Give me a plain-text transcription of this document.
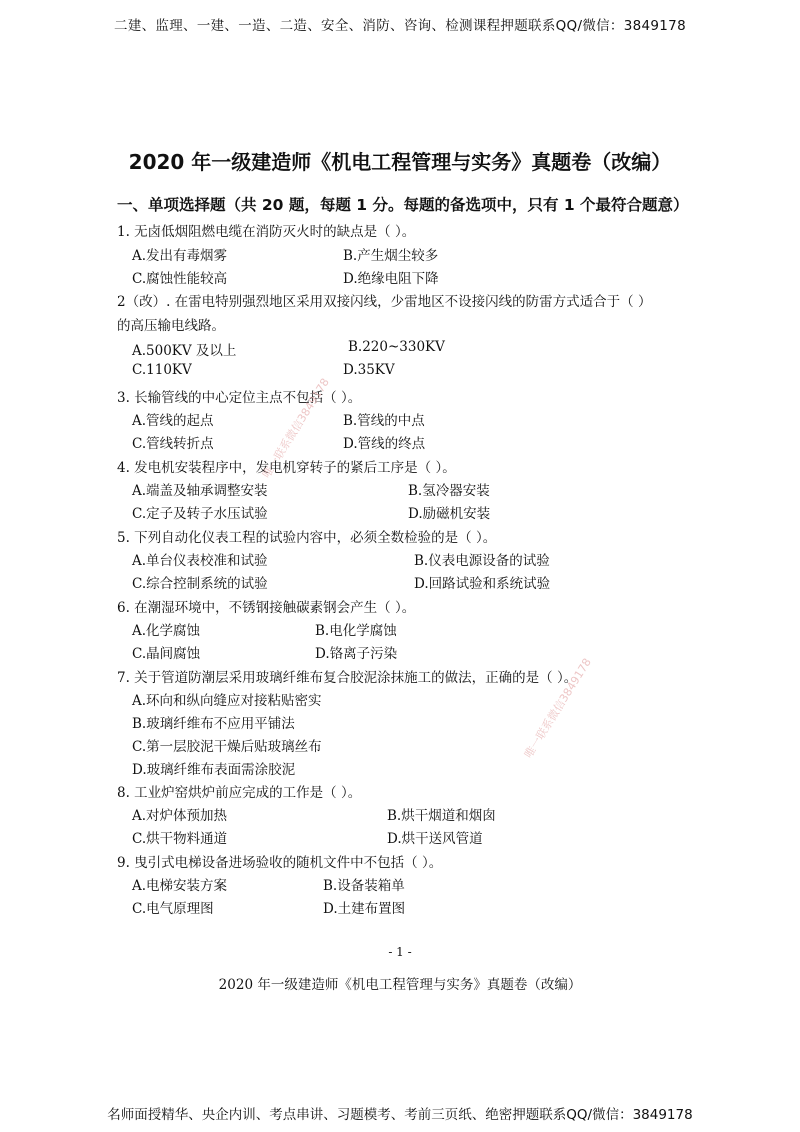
二建、监理、一建、一造、二造、安全、消防、咨询、检测课程押题联系QQ/微信：3849178
2020 年一级建造师《机电工程管理与实务》真题卷（改编）
一、单项选择题（共 20 题，每题 1 分。每题的备选项中，只有 1 个最符合题意）
1. 无卤低烟阻燃电缆在消防灭火时的缺点是（ ）。
A.发出有毒烟雾	B.产生烟尘较多
C.腐蚀性能较高	D.绝缘电阻下降
2（改）. 在雷电特别强烈地区采用双接闪线，少雷地区不设接闪线的防雷方式适合于（ ）
的高压输电线路。
A.500KV 及以上	B.220~330KV
C.110KV	D.35KV
3. 长输管线的中心定位主点不包括（ ）。
A.管线的起点	B.管线的中点
C.管线转折点	D.管线的终点
4. 发电机安装程序中，发电机穿转子的紧后工序是（ ）。
A.端盖及轴承调整安装	B.氢冷器安装
C.定子及转子水压试验	D.励磁机安装
5. 下列自动化仪表工程的试验内容中，必须全数检验的是（ ）。
A.单台仪表校准和试验	B.仪表电源设备的试验
C.综合控制系统的试验	D.回路试验和系统试验
6. 在潮湿环境中，不锈钢接触碳素钢会产生（ ）。
A.化学腐蚀	B.电化学腐蚀
C.晶间腐蚀	D.铬离子污染
7. 关于管道防潮层采用玻璃纤维布复合胶泥涂抹施工的做法，正确的是（ ）。
A.环向和纵向缝应对接粘贴密实
B.玻璃纤维布不应用平铺法
C.第一层胶泥干燥后贴玻璃丝布
D.玻璃纤维布表面需涂胶泥
8. 工业炉窑烘炉前应完成的工作是（ ）。
A.对炉体预加热	B.烘干烟道和烟囱
C.烘干物料通道	D.烘干送风管道
9. 曳引式电梯设备进场验收的随机文件中不包括（ ）。
A.电梯安装方案	B.设备装箱单
C.电气原理图	D.土建布置图
唯一联系微信3849178
唯一联系微信3849178
- 1 -
2020 年一级建造师《机电工程管理与实务》真题卷（改编）
名师面授精华、央企内训、考点串讲、习题模考、考前三页纸、绝密押题联系QQ/微信：3849178
